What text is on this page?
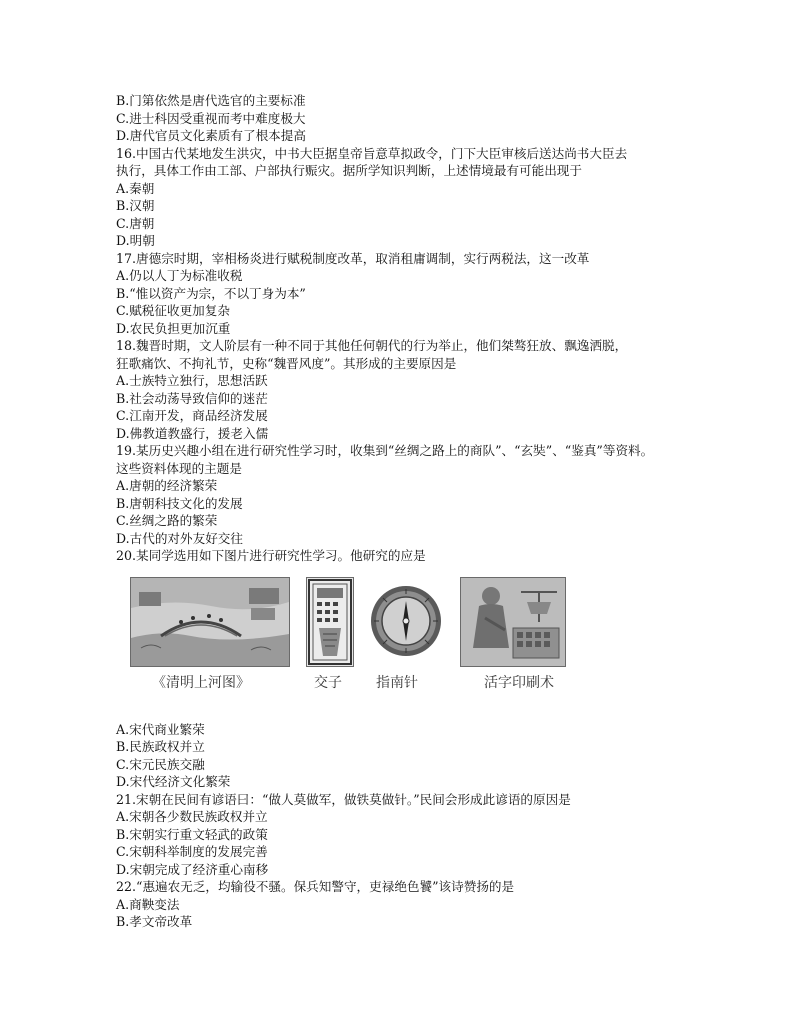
B.门第依然是唐代选官的主要标准
C.进士科因受重视而考中难度极大
D.唐代官员文化素质有了根本提高
16.中国古代某地发生洪灾，中书大臣据皇帝旨意草拟政令，门下大臣审核后送达尚书大臣去
执行，具体工作由工部、户部执行赈灾。据所学知识判断，上述情境最有可能出现于
A.秦朝
B.汉朝
C.唐朝
D.明朝
17.唐德宗时期，宰相杨炎进行赋税制度改革，取消租庸调制，实行两税法，这一改革
A.仍以人丁为标准收税
B.“惟以资产为宗，不以丁身为本”
C.赋税征收更加复杂
D.农民负担更加沉重
18.魏晋时期，文人阶层有一种不同于其他任何朝代的行为举止，他们桀骜狂放、飘逸洒脱，
狂歌痛饮、不拘礼节，史称“魏晋风度”。其形成的主要原因是
A.士族特立独行，思想活跃
B.社会动荡导致信仰的迷茫
C.江南开发，商品经济发展
D.佛教道教盛行，援老入儒
19.某历史兴趣小组在进行研究性学习时，收集到“丝绸之路上的商队”、“玄奘”、“鉴真”等资料。
这些资料体现的主题是
A.唐朝的经济繁荣
B.唐朝科技文化的发展
C.丝绸之路的繁荣
D.古代的对外友好交往
20.某同学选用如下图片进行研究性学习。他研究的应是
《清明上河图》	交子 指南针	活字印刷术
A.宋代商业繁荣
B.民族政权并立
C.宋元民族交融
D.宋代经济文化繁荣
21.宋朝在民间有谚语曰：“做人莫做军，做铁莫做针。”民间会形成此谚语的原因是
A.宋朝各少数民族政权并立
B.宋朝实行重文轻武的政策
C.宋朝科举制度的发展完善
D.宋朝完成了经济重心南移
22.“惠遍农无乏，均输役不骚。保兵知警守，吏禄绝色饕”该诗赞扬的是
A.商鞅变法
B.孝文帝改革
